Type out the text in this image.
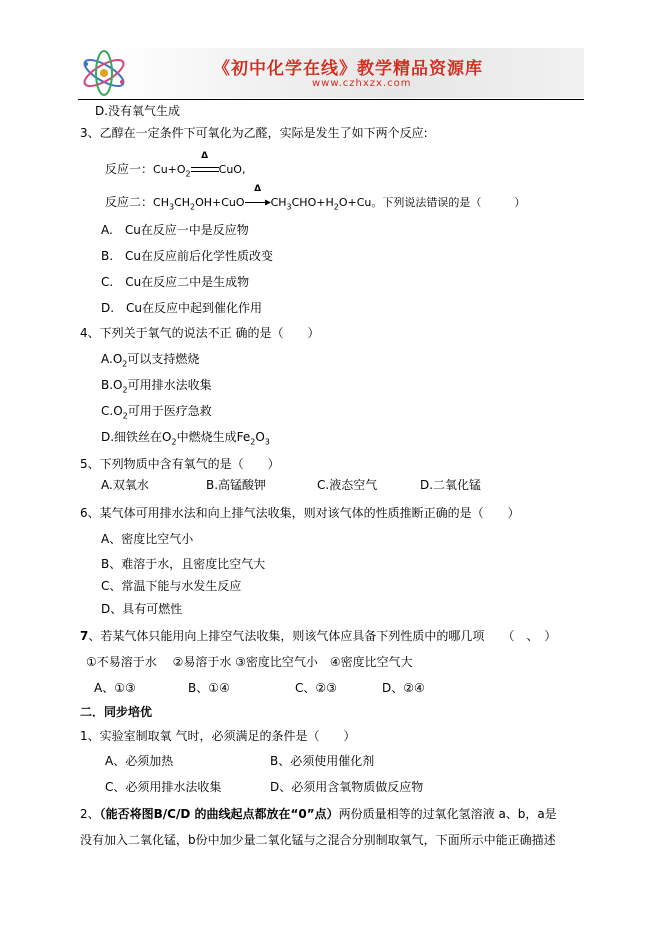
《初中化学在线》教学精品资源库
www.czhxzx.com
D.没有氧气生成
3、乙醇在一定条件下可氧化为乙醛，实际是发生了如下两个反应:
反应一：$Cu+O_2$
Δ
CuO,
反应二：$CH_3CH_2OH+CuO$
Δ
$CH_3CHO+H_2O+Cu$。下列说法错误的是（　　　）
A.　Cu在反应一中是反应物
B.　Cu在反应前后化学性质改变
C.　Cu在反应二中是生成物
D.　Cu在反应中起到催化作用
4、下列关于氧气的说法不正 确的是（　　）
$A.O_2$可以支持燃烧
$B.O_2$可用排水法收集
$C.O_2$可用于医疗急救
D.细铁丝在$O_2$中燃烧生成$Fe_2O_3$
5、下列物质中含有氧气的是（　　）
A.双氧水	B.高锰酸钾	C.液态空气	D.二氧化锰
6、某气体可用排水法和向上排气法收集，则对该气体的性质推断正确的是（　　）
A、密度比空气小
B、难溶于水，且密度比空气大
C、常温下能与水发生反应
D、具有可燃性
7、若某气体只能用向上排空气法收集，则该气体应具备下列性质中的哪几项　　（　、　）
①不易溶于水　 ②易溶于水 ③密度比空气小　④密度比空气大
A、①③	B、①④	C、②③	D、②④
二．同步培优
1、实验室制取氧 气时，必须满足的条件是（　　）
A、必须加热	B、必须使用催化剂
C、必须用排水法收集	D、必须用含氧物质做反应物
2、（能否将图B/C/D 的曲线起点都放在“0”点）两份质量相等的过氧化氢溶液 a、b，a是
没有加入二氧化锰，b份中加少量二氧化锰与之混合分别制取氧气，下面所示中能正确描述
